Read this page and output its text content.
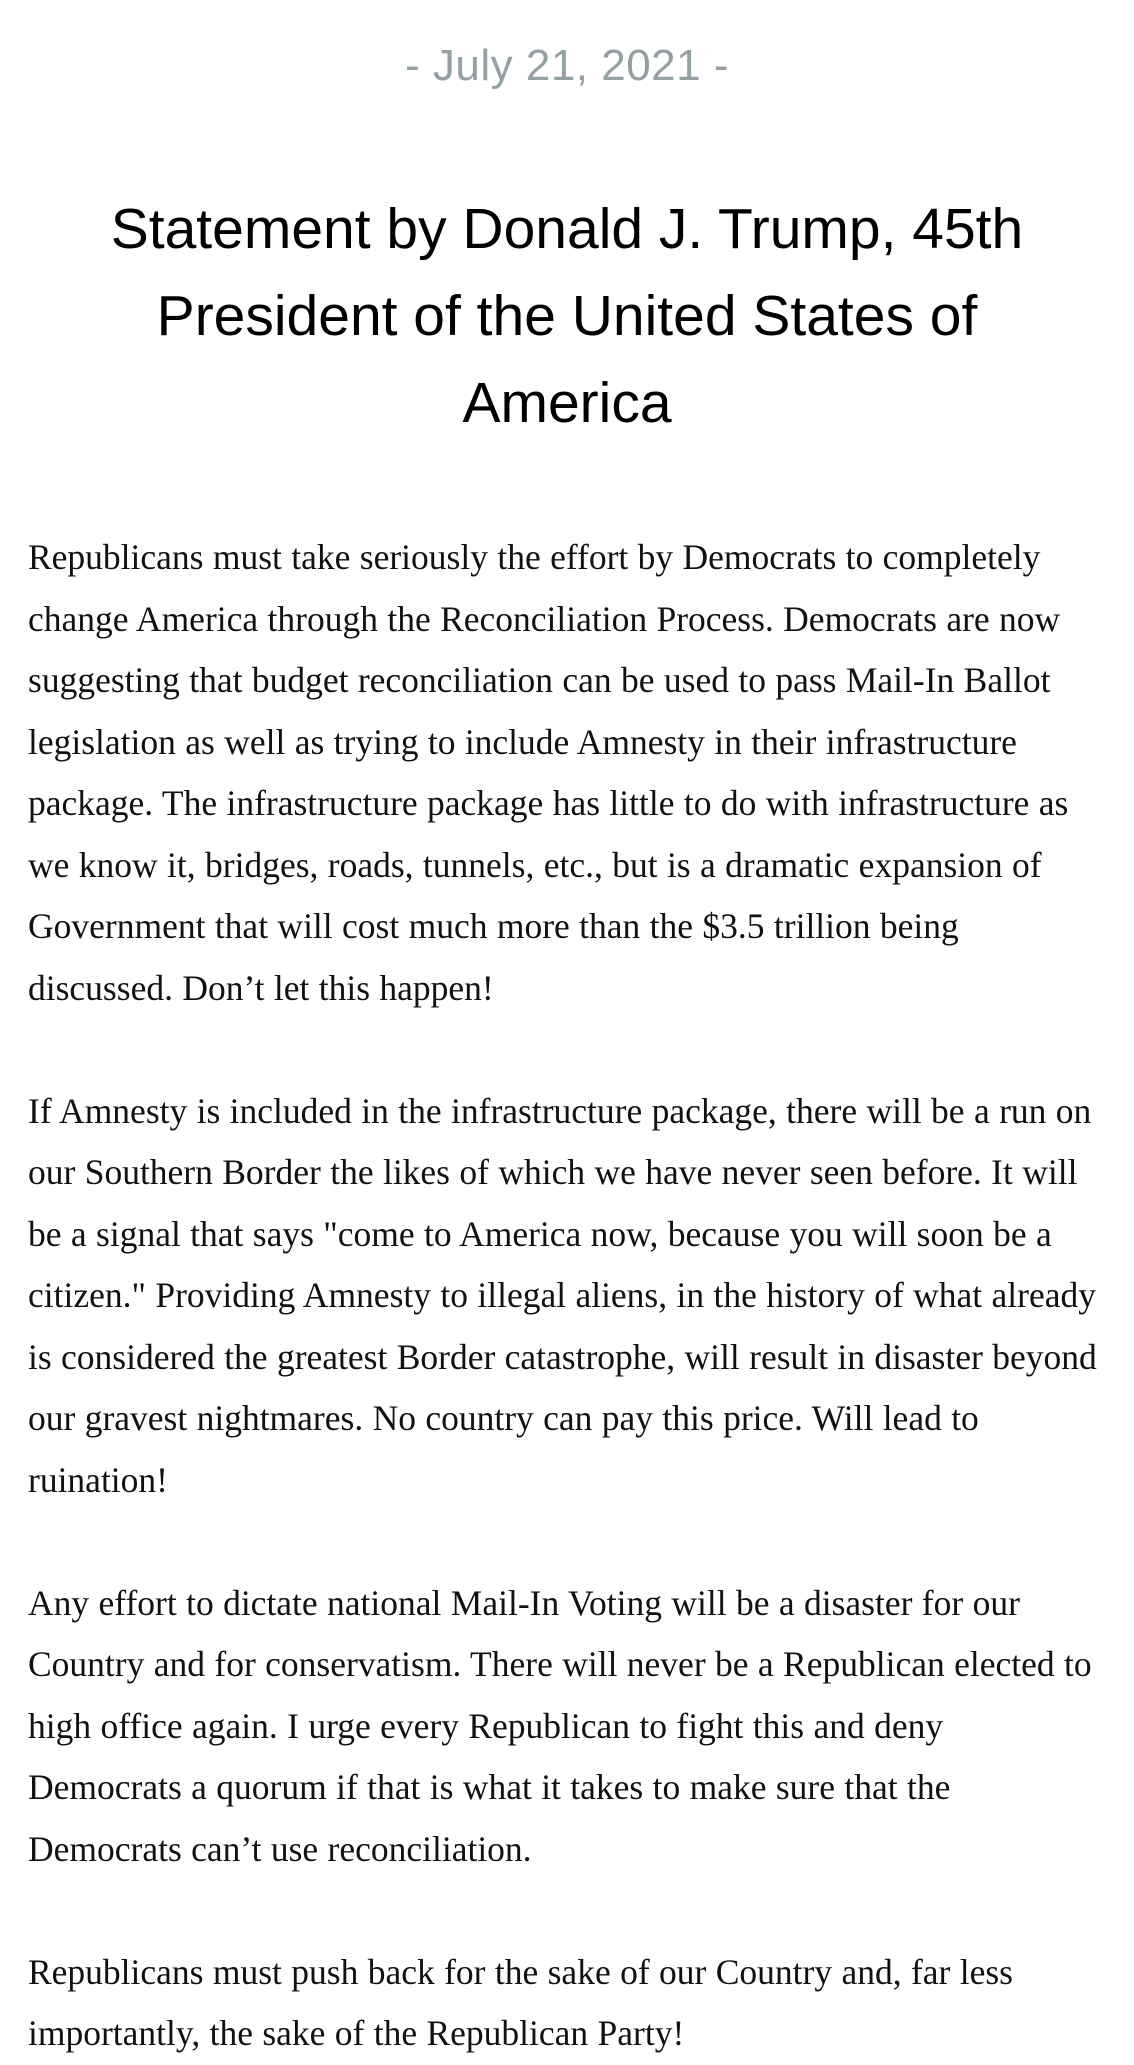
- July 21, 2021 -
Statement by Donald J. Trump, 45th President of the United States of America

Republicans must take seriously the effort by Democrats to completely change America through the Reconciliation Process. Democrats are now suggesting that budget reconciliation can be used to pass Mail-In Ballot legislation as well as trying to include Amnesty in their infrastructure package. The infrastructure package has little to do with infrastructure as we know it, bridges, roads, tunnels, etc., but is a dramatic expansion of Government that will cost much more than the $3.5 trillion being discussed. Don’t let this happen!

If Amnesty is included in the infrastructure package, there will be a run on our Southern Border the likes of which we have never seen before. It will be a signal that says "come to America now, because you will soon be a citizen." Providing Amnesty to illegal aliens, in the history of what already is considered the greatest Border catastrophe, will result in disaster beyond our gravest nightmares. No country can pay this price. Will lead to ruination!

Any effort to dictate national Mail-In Voting will be a disaster for our Country and for conservatism. There will never be a Republican elected to high office again. I urge every Republican to fight this and deny Democrats a quorum if that is what it takes to make sure that the Democrats can’t use reconciliation.

Republicans must push back for the sake of our Country and, far less importantly, the sake of the Republican Party!
